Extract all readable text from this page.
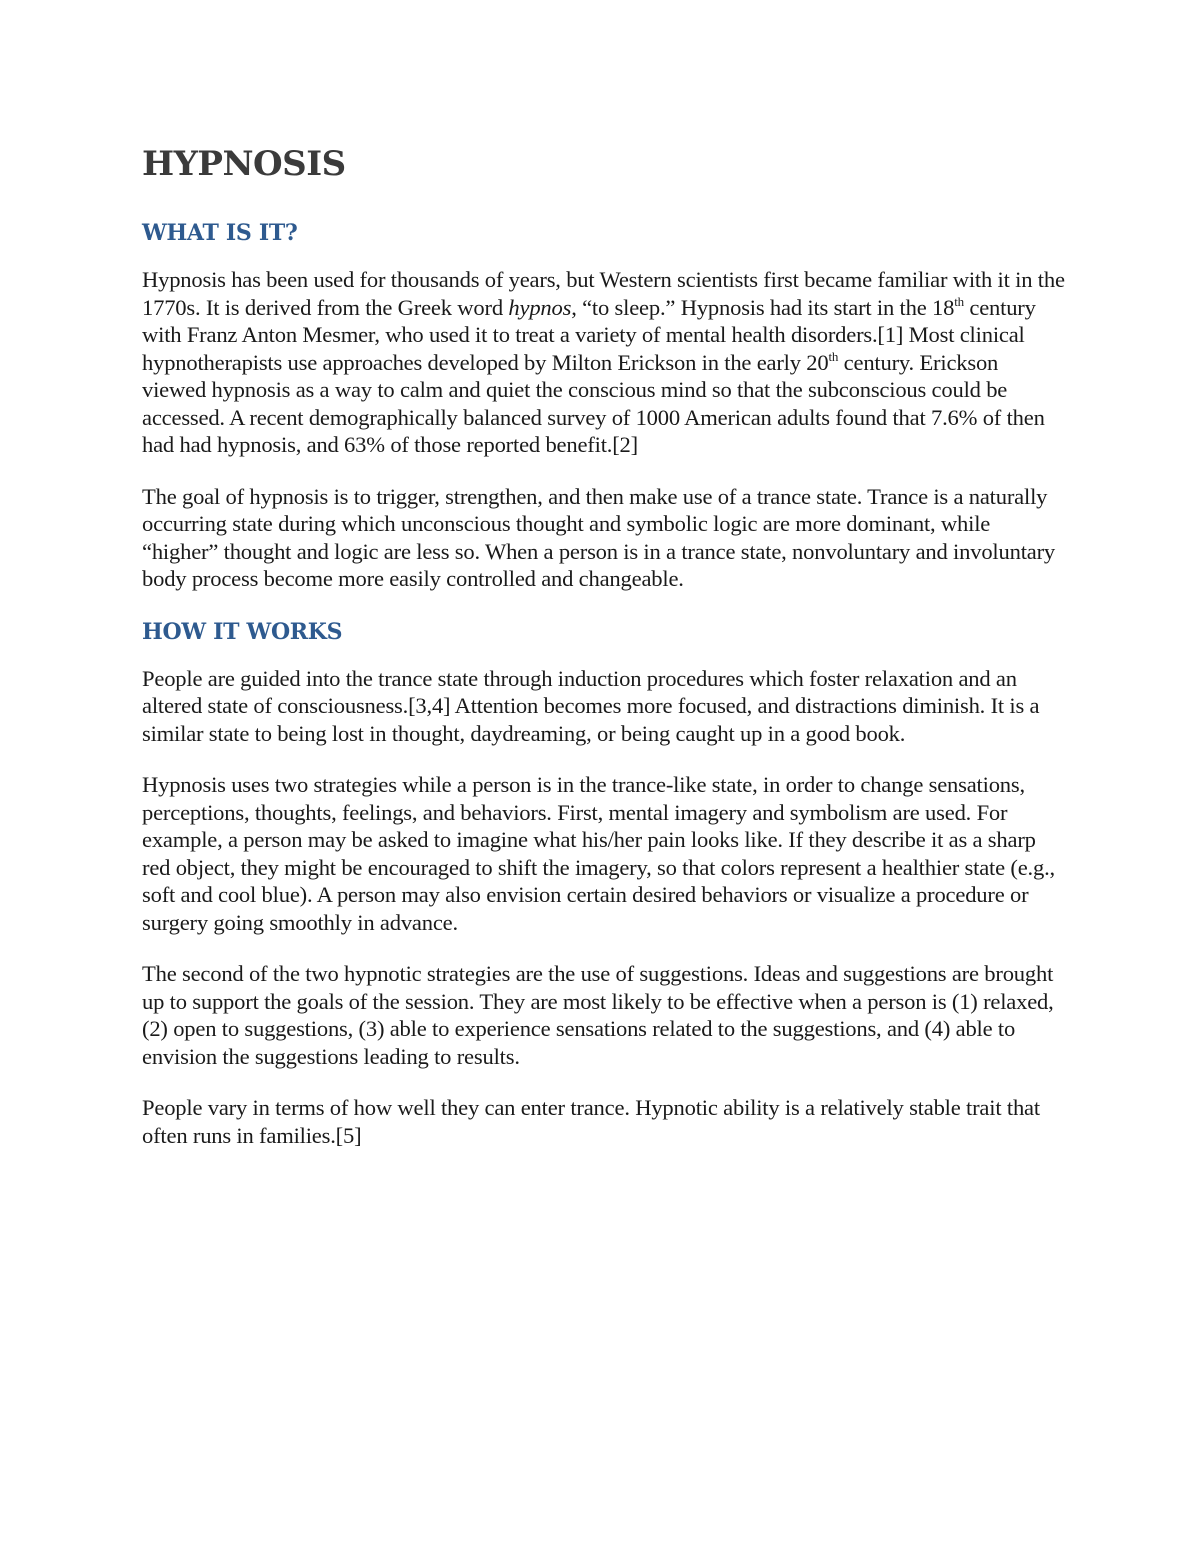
HYPNOSIS
WHAT IS IT?

Hypnosis has been used for thousands of years, but Western scientists first became familiar with it in the 1770s. It is derived from the Greek word hypnos, “to sleep.” Hypnosis had its start in the 18th century with Franz Anton Mesmer, who used it to treat a variety of mental health disorders.[1] Most clinical hypnotherapists use approaches developed by Milton Erickson in the early 20th century. Erickson viewed hypnosis as a way to calm and quiet the conscious mind so that the subconscious could be accessed. A recent demographically balanced survey of 1000 American adults found that 7.6% of then had had hypnosis, and 63% of those reported benefit.[2]

The goal of hypnosis is to trigger, strengthen, and then make use of a trance state. Trance is a naturally occurring state during which unconscious thought and symbolic logic are more dominant, while “higher” thought and logic are less so. When a person is in a trance state, nonvoluntary and involuntary body process become more easily controlled and changeable.

HOW IT WORKS

People are guided into the trance state through induction procedures which foster relaxation and an altered state of consciousness.[3,4] Attention becomes more focused, and distractions diminish. It is a similar state to being lost in thought, daydreaming, or being caught up in a good book.

Hypnosis uses two strategies while a person is in the trance-like state, in order to change sensations, perceptions, thoughts, feelings, and behaviors. First, mental imagery and symbolism are used. For example, a person may be asked to imagine what his/her pain looks like. If they describe it as a sharp red object, they might be encouraged to shift the imagery, so that colors represent a healthier state (e.g., soft and cool blue). A person may also envision certain desired behaviors or visualize a procedure or surgery going smoothly in advance.

The second of the two hypnotic strategies are the use of suggestions. Ideas and suggestions are brought up to support the goals of the session. They are most likely to be effective when a person is (1) relaxed, (2) open to suggestions, (3) able to experience sensations related to the suggestions, and (4) able to envision the suggestions leading to results.

People vary in terms of how well they can enter trance. Hypnotic ability is a relatively stable trait that often runs in families.[5]
